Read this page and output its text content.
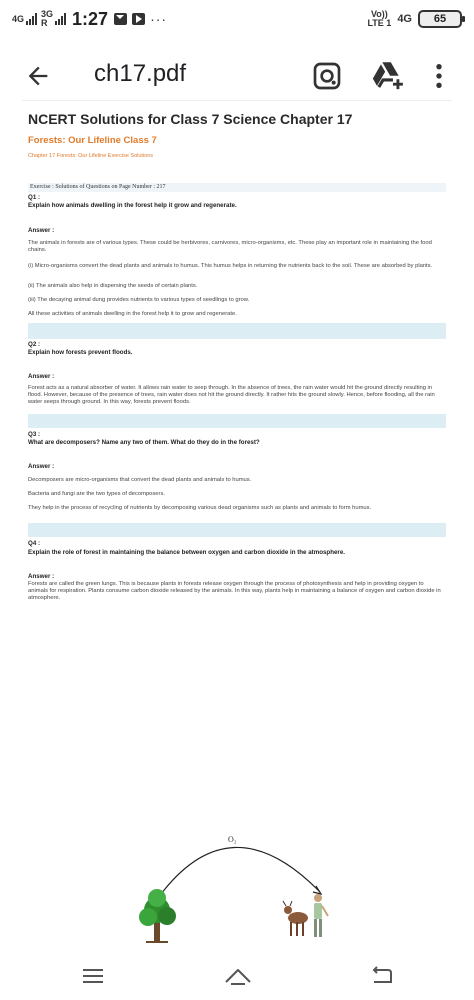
4G 3G
R	1:27	···	Vo))
LTE 1 4G 65
ch17.pdf
NCERT Solutions for Class 7 Science Chapter 17
Forests: Our Lifeline Class 7
Chapter 17 Forests: Our Lifeline Exercise Solutions
Exercise : Solutions of Questions on Page Number : 217
Q1 :
Explain how animals dwelling in the forest help it grow and regenerate.
Answer :
The animals in forests are of various types. These could be herbivores, carnivores, micro-organisms, etc. These play an important role in maintaining the food chains.
(i) Micro-organisms convert the dead plants and animals to humus. This humus helps in returning the nutrients back to the soil. These are absorbed by plants.
(ii) The animals also help in dispersing the seeds of certain plants.
(iii) The decaying animal dung provides nutrients to various types of seedlings to grow.
All these activities of animals dwelling in the forest help it to grow and regenerate.
Q2 :
Explain how forests prevent floods.
Answer :
Forest acts as a natural absorber of water. It allows rain water to seep through. In the absence of trees, the rain water would hit the ground directly resulting in flood. However, because of the presence of trees, rain water does not hit the ground directly. It rather hits the ground slowly. Hence, before flooding, all the rain water seeps through ground. In this way, forests prevent floods.
Q3 :
What are decomposers? Name any two of them. What do they do in the forest?
Answer :
Decomposers are micro-organisms that convert the dead plants and animals to humus.
Bacteria and fungi are the two types of decomposers.
They help in the process of recycling of nutrients by decomposing various dead organisms such as plants and animals to form humus.
Q4 :
Explain the role of forest in maintaining the balance between oxygen and carbon dioxide in the atmosphere.
Answer :
Forests are called the green lungs. This is because plants in forests release oxygen through the process of photosynthesis and help in providing oxygen to animals for respiration. Plants consume carbon dioxide released by the animals. In this way, plants help in maintaining a balance of oxygen and carbon dioxide in atmosphere.
O₂
